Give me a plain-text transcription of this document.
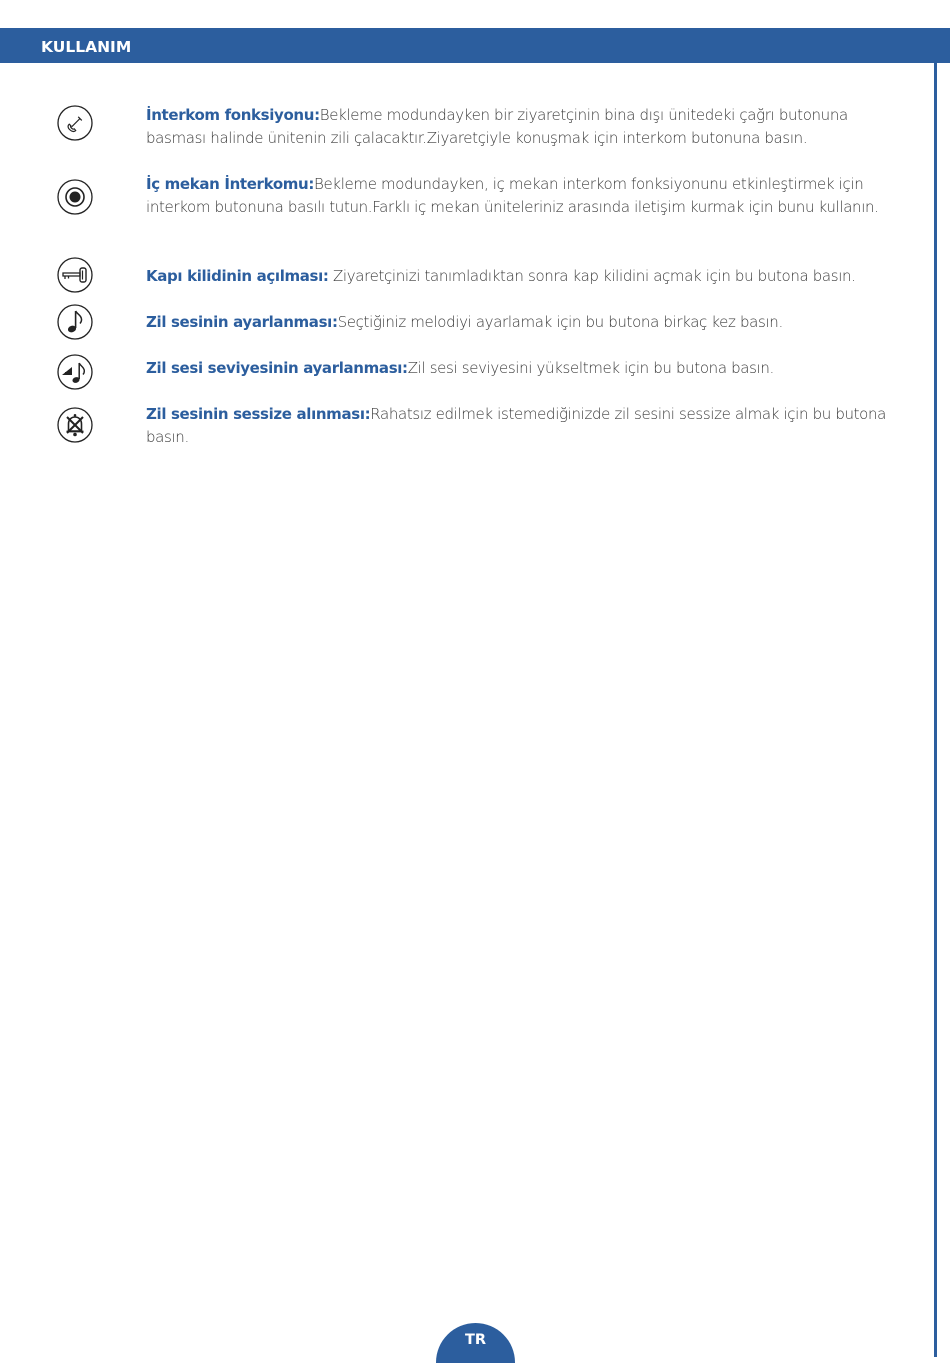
KULLANIM
İnterkom fonksiyonu:Bekleme modundayken bir ziyaretçinin bina dışı ünitedeki çağrı butonuna basması halinde ünitenin zili çalacaktır.Ziyaretçiyle konuşmak için interkom butonuna basın.
İç mekan İnterkomu:Bekleme modundayken, iç mekan interkom fonksiyonunu etkinleştirmek için interkom butonuna basılı tutun.Farklı iç mekan üniteleriniz arasında iletişim kurmak için bunu kullanın.
Kapı kilidinin açılması: Ziyaretçinizi tanımladıktan sonra kap kilidini açmak için bu butona basın.
Zil sesinin ayarlanması:Seçtiğiniz melodiyi ayarlamak için bu butona birkaç kez basın.
Zil sesi seviyesinin ayarlanması:Zil sesi seviyesini yükseltmek için bu butona basın.
Zil sesinin sessize alınması:Rahatsız edilmek istemediğinizde zil sesini sessize almak için bu butona basın.
TR
